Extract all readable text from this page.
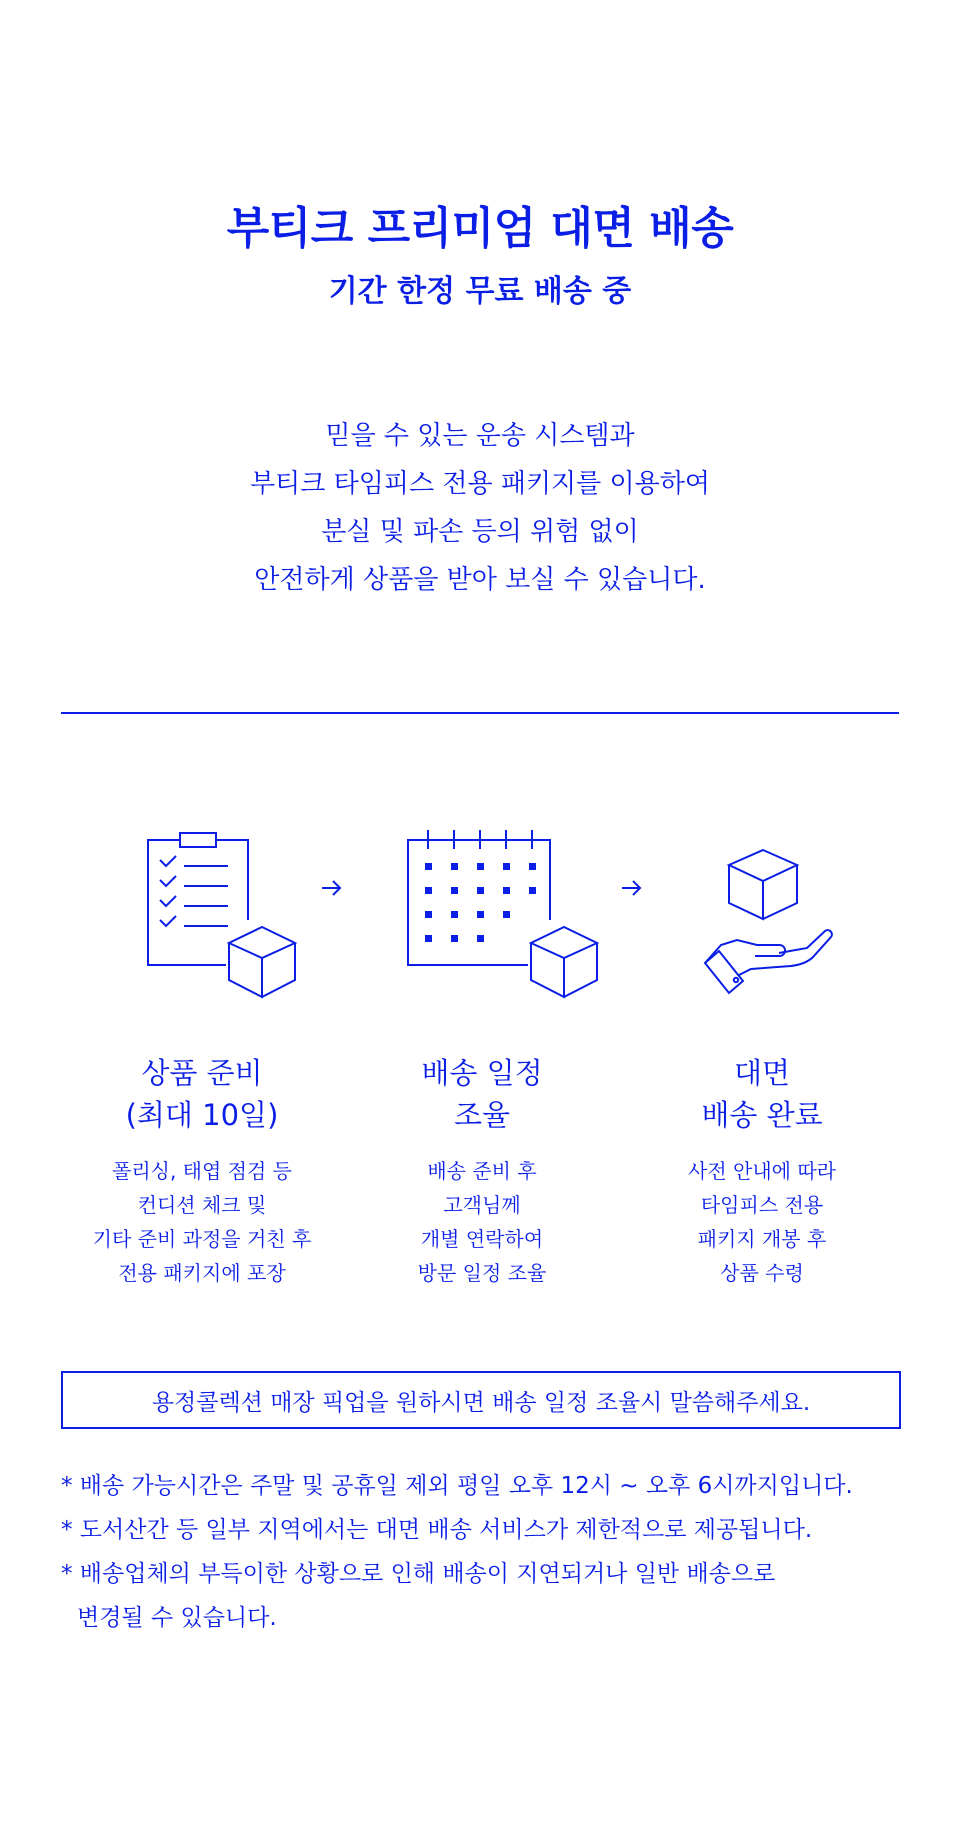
부티크 프리미엄 대면 배송
기간 한정 무료 배송 중
믿을 수 있는 운송 시스템과
부티크 타임피스 전용 패키지를 이용하여
분실 및 파손 등의 위험 없이
안전하게 상품을 받아 보실 수 있습니다.
상품 준비
(최대 10일)
배송 일정
조율
대면
배송 완료
폴리싱, 태엽 점검 등
컨디션 체크 및
기타 준비 과정을 거친 후
전용 패키지에 포장
배송 준비 후
고객님께
개별 연락하여
방문 일정 조율
사전 안내에 따라
타임피스 전용
패키지 개봉 후
상품 수령
용정콜렉션 매장 픽업을 원하시면 배송 일정 조율시 말씀해주세요.
* 배송 가능시간은 주말 및 공휴일 제외 평일 오후 12시 ~ 오후 6시까지입니다.
* 도서산간 등 일부 지역에서는 대면 배송 서비스가 제한적으로 제공됩니다.
* 배송업체의 부득이한 상황으로 인해 배송이 지연되거나 일반 배송으로
변경될 수 있습니다.
